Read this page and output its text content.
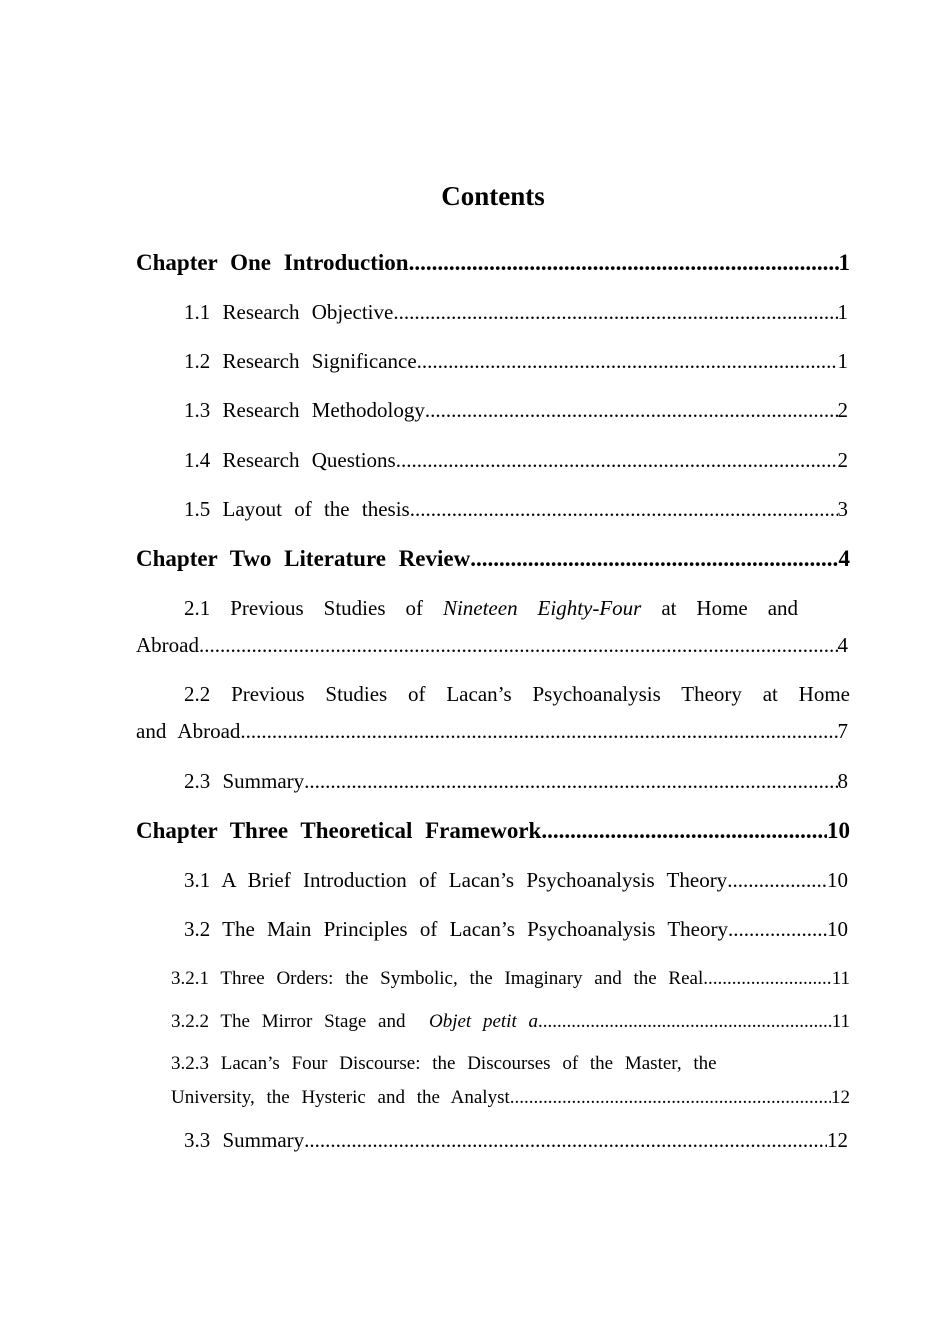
Contents
Chapter One Introduction .....	1
1.1 Research Objective .....	1
1.2 Research Significance .....	1
1.3 Research Methodology .....	2
1.4 Research Questions .....	2
1.5 Layout of the thesis .....	3
Chapter Two Literature Review .....	4
2.1 Previous Studies of Nineteen Eighty-Four at Home and
Abroad .....	4
2.2 Previous Studies of Lacan’s Psychoanalysis Theory at Home
and Abroad .....	7
2.3 Summary .....	8
Chapter Three Theoretical Framework .....	10
3.1 A Brief Introduction of Lacan’s Psychoanalysis Theory .....	10
3.2 The Main Principles of Lacan’s Psychoanalysis Theory .....	10
3.2.1 Three Orders: the Symbolic, the Imaginary and the Real .....	11
3.2.2 The Mirror Stage and Objet petit a .....	11
3.2.3 Lacan’s Four Discourse: the Discourses of the Master, the
University, the Hysteric and the Analyst .....	12
3.3 Summary .....	12
